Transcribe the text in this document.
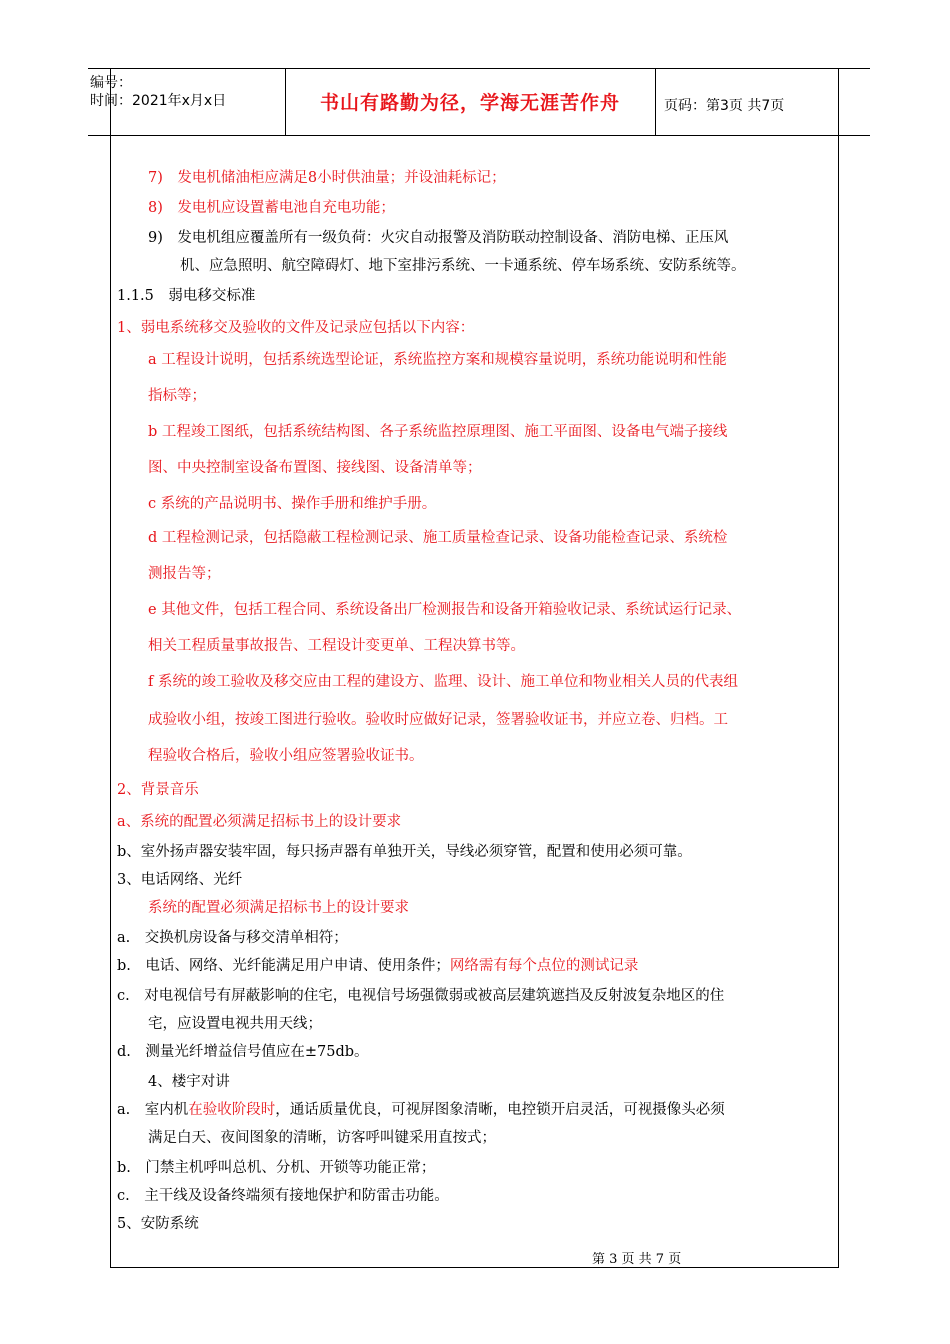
编号：
时间：2021年x月x日	书山有路勤为径，学海无涯苦作舟	页码：第3页 共7页
7)　发电机储油柜应满足8小时供油量；并设油耗标记；
8)　发电机应设置蓄电池自充电功能；
9)　发电机组应覆盖所有一级负荷：火灾自动报警及消防联动控制设备、消防电梯、正压风
机、应急照明、航空障碍灯、地下室排污系统、一卡通系统、停车场系统、安防系统等。
1.1.5　弱电移交标准
1、弱电系统移交及验收的文件及记录应包括以下内容：
a 工程设计说明，包括系统选型论证，系统监控方案和规模容量说明，系统功能说明和性能
指标等；
b 工程竣工图纸，包括系统结构图、各子系统监控原理图、施工平面图、设备电气端子接线
图、中央控制室设备布置图、接线图、设备清单等；
c 系统的产品说明书、操作手册和维护手册。
d 工程检测记录，包括隐蔽工程检测记录、施工质量检查记录、设备功能检查记录、系统检
测报告等；
e 其他文件，包括工程合同、系统设备出厂检测报告和设备开箱验收记录、系统试运行记录、
相关工程质量事故报告、工程设计变更单、工程决算书等。
f 系统的竣工验收及移交应由工程的建设方、监理、设计、施工单位和物业相关人员的代表组
成验收小组，按竣工图进行验收。验收时应做好记录，签署验收证书，并应立卷、归档。工
程验收合格后，验收小组应签署验收证书。
2、背景音乐
a、系统的配置必须满足招标书上的设计要求
b、室外扬声器安装牢固，每只扬声器有单独开关，导线必须穿管，配置和使用必须可靠。
3、电话网络、光纤
系统的配置必须满足招标书上的设计要求
a.　交换机房设备与移交清单相符；
b.　电话、网络、光纤能满足用户申请、使用条件；网络需有每个点位的测试记录
c.　对电视信号有屏蔽影响的住宅，电视信号场强微弱或被高层建筑遮挡及反射波复杂地区的住
宅，应设置电视共用天线；
d.　测量光纤增益信号值应在±75db。
4、楼宇对讲
a.　室内机在验收阶段时，通话质量优良，可视屏图象清晰，电控锁开启灵活，可视摄像头必须
满足白天、夜间图象的清晰，访客呼叫键采用直按式；
b.　门禁主机呼叫总机、分机、开锁等功能正常；
c.　主干线及设备终端须有接地保护和防雷击功能。
5、安防系统
第 3 页 共 7 页
